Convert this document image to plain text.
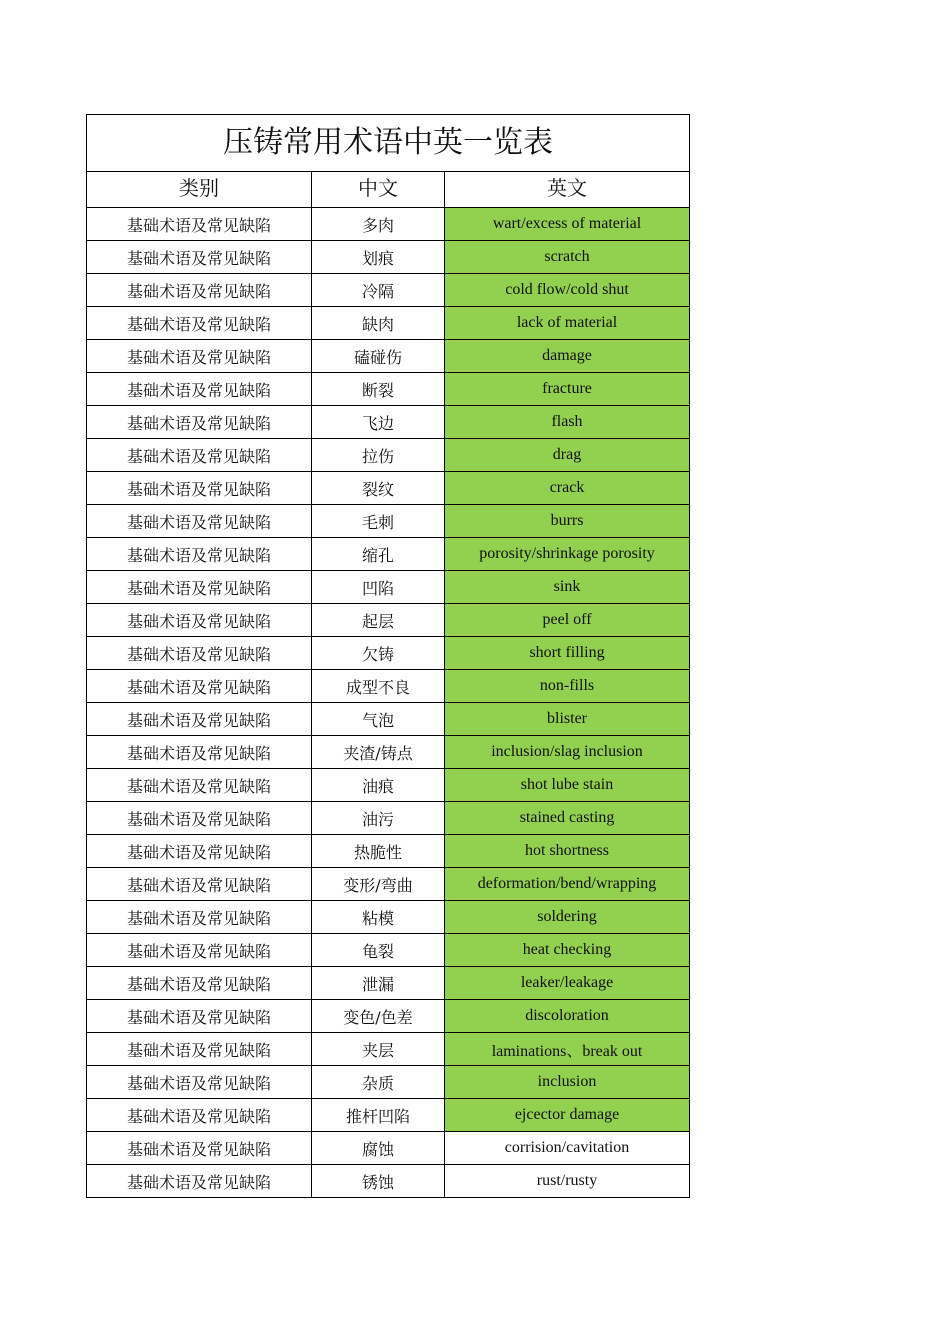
压铸常用术语中英一览表		
类别	中文	英文
基础术语及常见缺陷	多肉	wart/excess of material
基础术语及常见缺陷	划痕	scratch
基础术语及常见缺陷	冷隔	cold flow/cold shut
基础术语及常见缺陷	缺肉	lack of material
基础术语及常见缺陷	磕碰伤	damage
基础术语及常见缺陷	断裂	fracture
基础术语及常见缺陷	飞边	flash
基础术语及常见缺陷	拉伤	drag
基础术语及常见缺陷	裂纹	crack
基础术语及常见缺陷	毛刺	burrs
基础术语及常见缺陷	缩孔	porosity/shrinkage porosity
基础术语及常见缺陷	凹陷	sink
基础术语及常见缺陷	起层	peel off
基础术语及常见缺陷	欠铸	short filling
基础术语及常见缺陷	成型不良	non-fills
基础术语及常见缺陷	气泡	blister
基础术语及常见缺陷	夹渣/铸点	inclusion/slag inclusion
基础术语及常见缺陷	油痕	shot lube stain
基础术语及常见缺陷	油污	stained casting
基础术语及常见缺陷	热脆性	hot shortness
基础术语及常见缺陷	变形/弯曲	deformation/bend/wrapping
基础术语及常见缺陷	粘模	soldering
基础术语及常见缺陷	龟裂	heat checking
基础术语及常见缺陷	泄漏	leaker/leakage
基础术语及常见缺陷	变色/色差	discoloration
基础术语及常见缺陷	夹层	laminations、break out
基础术语及常见缺陷	杂质	inclusion
基础术语及常见缺陷	推杆凹陷	ejcector damage
基础术语及常见缺陷	腐蚀	corrision/cavitation
基础术语及常见缺陷	锈蚀	rust/rusty
